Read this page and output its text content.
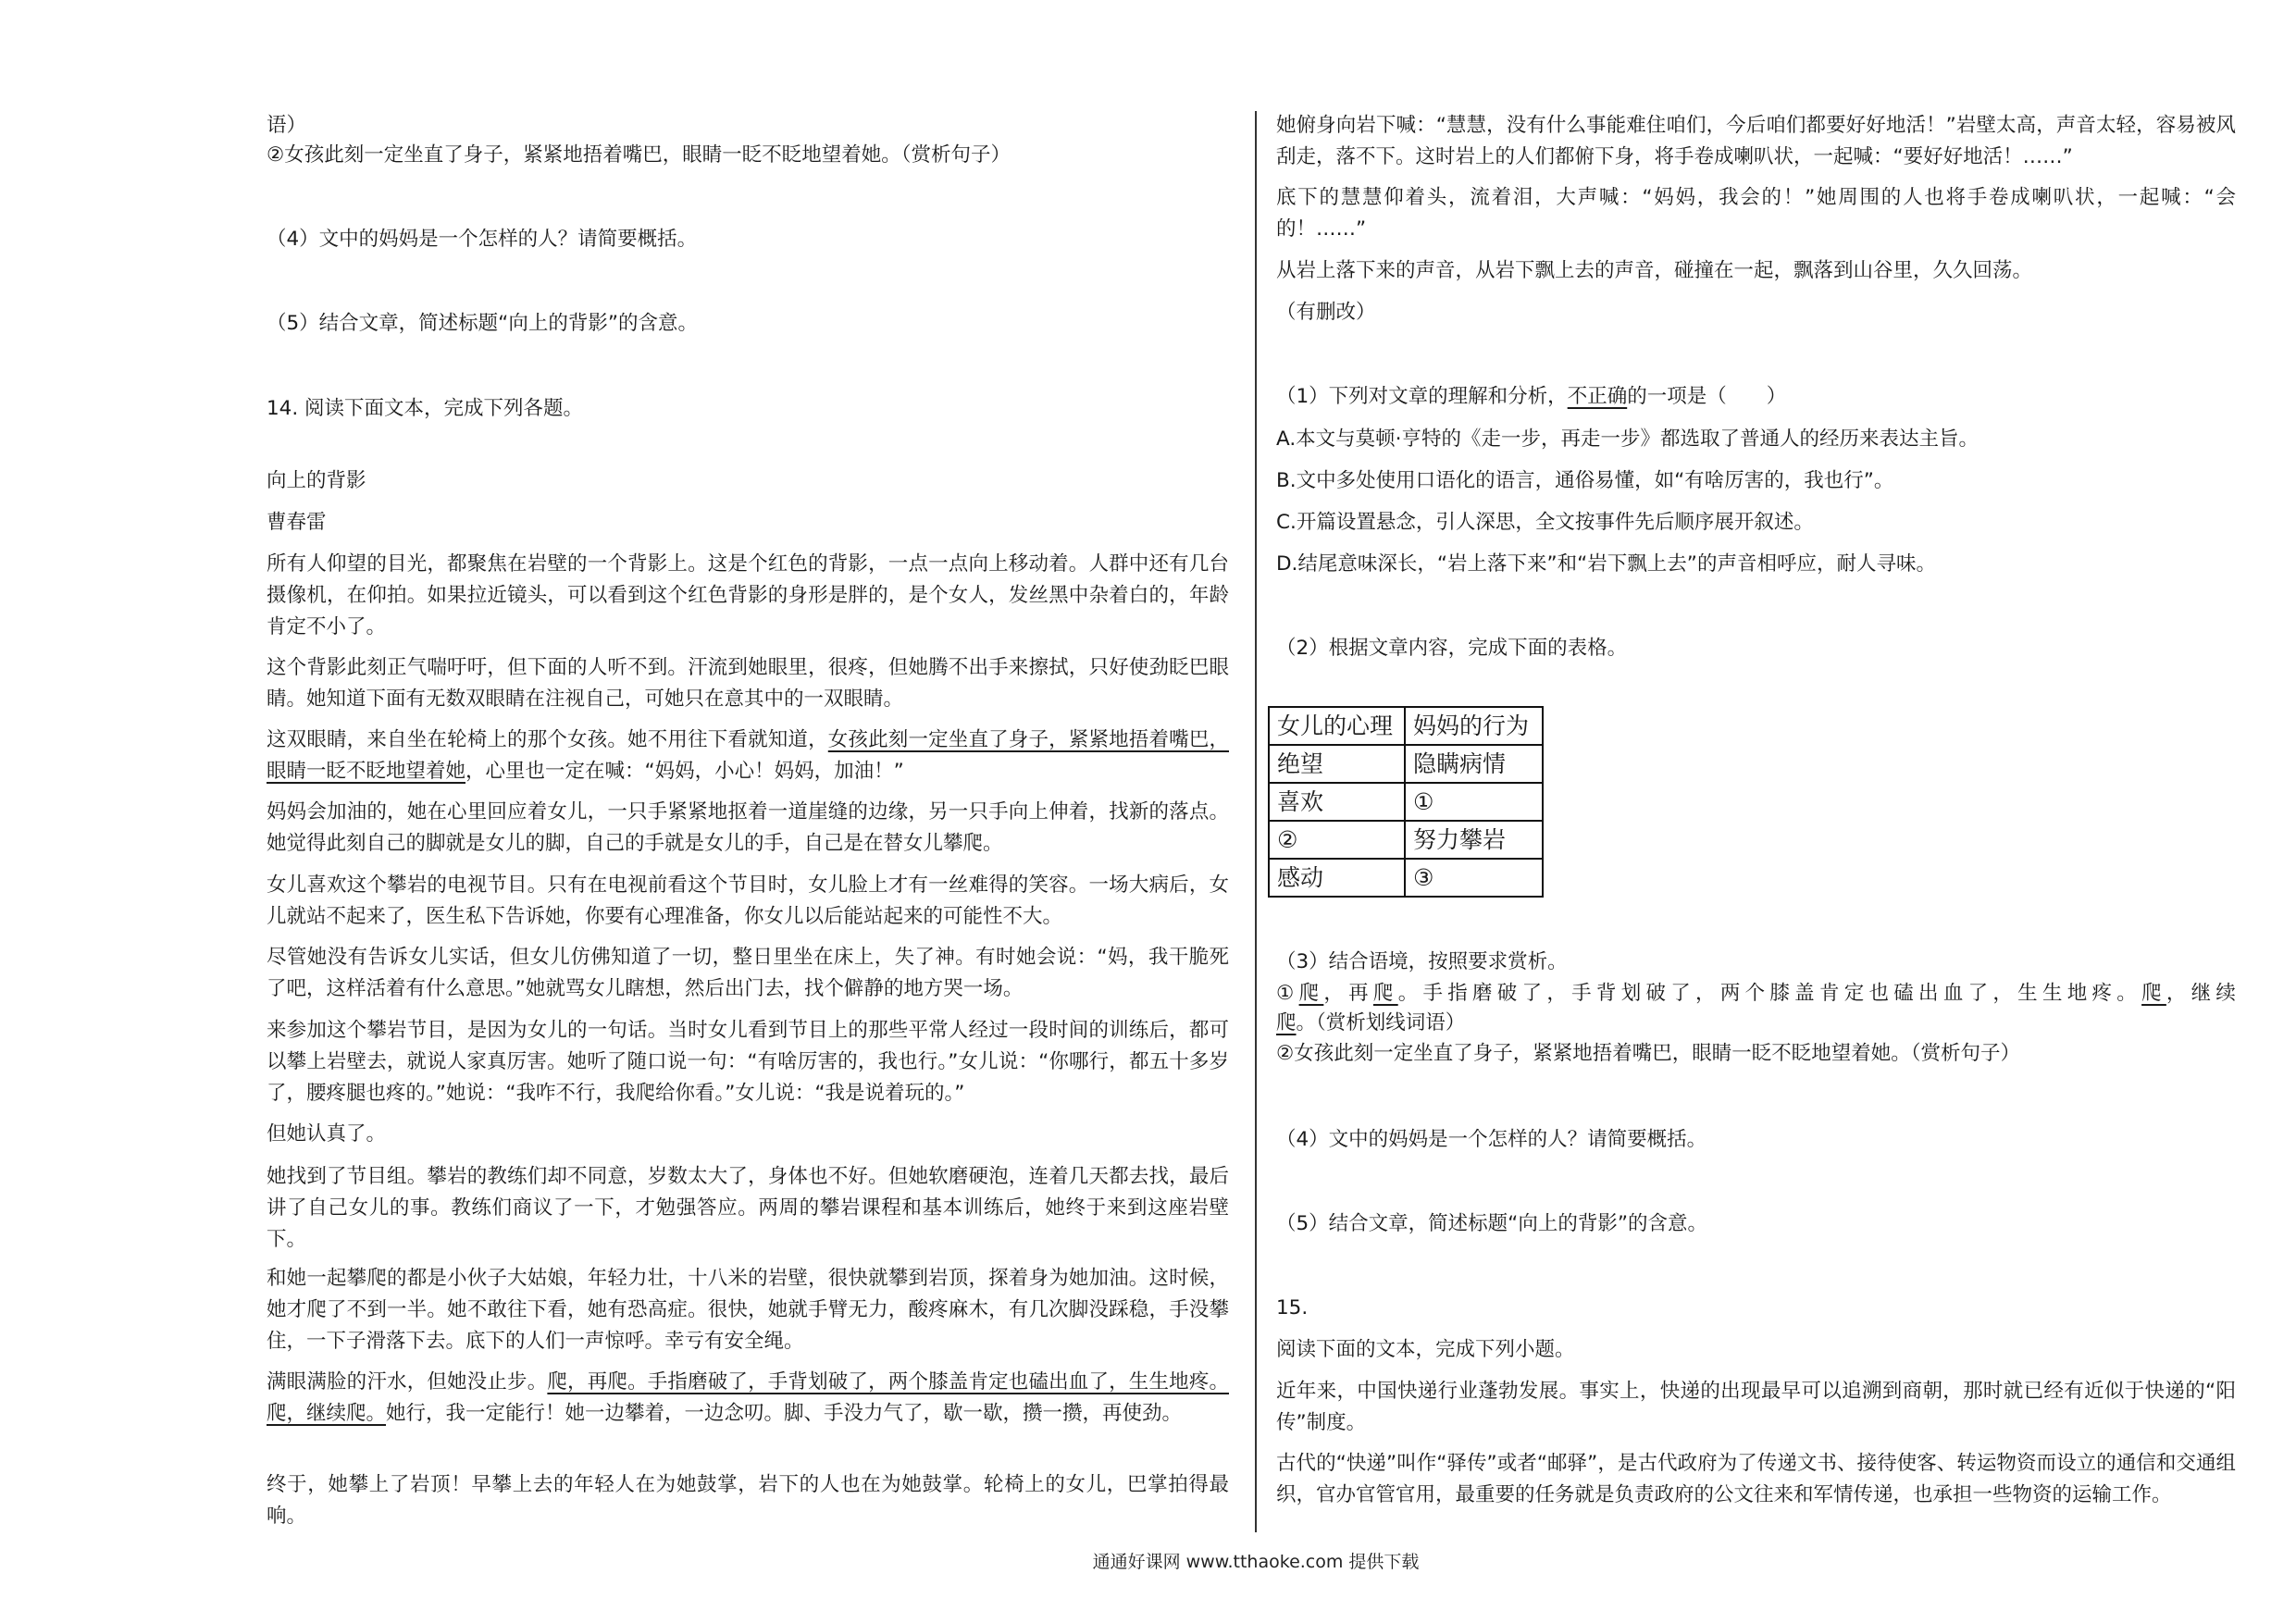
语）

②女孩此刻一定坐直了身子，紧紧地捂着嘴巴，眼睛一眨不眨地望着她。（赏析句子）

（4）文中的妈妈是一个怎样的人？请简要概括。

（5）结合文章，简述标题“向上的背影”的含意。

14. 阅读下面文本，完成下列各题。

向上的背影

曹春雷

所有人仰望的目光，都聚焦在岩壁的一个背影上。这是个红色的背影，一点一点向上移动着。人群中还有几台摄像机，在仰拍。如果拉近镜头，可以看到这个红色背影的身形是胖的，是个女人，发丝黑中杂着白的，年龄肯定不小了。

这个背影此刻正气喘吁吁，但下面的人听不到。汗流到她眼里，很疼，但她腾不出手来擦拭，只好使劲眨巴眼睛。她知道下面有无数双眼睛在注视自己，可她只在意其中的一双眼睛。

这双眼睛，来自坐在轮椅上的那个女孩。她不用往下看就知道，女孩此刻一定坐直了身子，紧紧地捂着嘴巴，眼睛一眨不眨地望着她，心里也一定在喊：“妈妈，小心！妈妈，加油！”

妈妈会加油的，她在心里回应着女儿，一只手紧紧地抠着一道崖缝的边缘，另一只手向上伸着，找新的落点。她觉得此刻自己的脚就是女儿的脚，自己的手就是女儿的手，自己是在替女儿攀爬。

女儿喜欢这个攀岩的电视节目。只有在电视前看这个节目时，女儿脸上才有一丝难得的笑容。一场大病后，女儿就站不起来了，医生私下告诉她，你要有心理准备，你女儿以后能站起来的可能性不大。

尽管她没有告诉女儿实话，但女儿仿佛知道了一切，整日里坐在床上，失了神。有时她会说：“妈，我干脆死了吧，这样活着有什么意思。”她就骂女儿瞎想，然后出门去，找个僻静的地方哭一场。

来参加这个攀岩节目，是因为女儿的一句话。当时女儿看到节目上的那些平常人经过一段时间的训练后，都可以攀上岩壁去，就说人家真厉害。她听了随口说一句：“有啥厉害的，我也行。”女儿说：“你哪行，都五十多岁了，腰疼腿也疼的。”她说：“我咋不行，我爬给你看。”女儿说：“我是说着玩的。”

但她认真了。

她找到了节目组。攀岩的教练们却不同意，岁数太大了，身体也不好。但她软磨硬泡，连着几天都去找，最后讲了自己女儿的事。教练们商议了一下，才勉强答应。两周的攀岩课程和基本训练后，她终于来到这座岩壁下。

和她一起攀爬的都是小伙子大姑娘，年轻力壮，十八米的岩壁，很快就攀到岩顶，探着身为她加油。这时候，她才爬了不到一半。她不敢往下看，她有恐高症。很快，她就手臂无力，酸疼麻木，有几次脚没踩稳，手没攀住，一下子滑落下去。底下的人们一声惊呼。幸亏有安全绳。

满眼满脸的汗水，但她没止步。爬，再爬。手指磨破了，手背划破了，两个膝盖肯定也磕出血了，生生地疼。爬，继续爬。她行，我一定能行！她一边攀着，一边念叨。脚、手没力气了，歇一歇，攒一攒，再使劲。

终于，她攀上了岩顶！早攀上去的年轻人在为她鼓掌，岩下的人也在为她鼓掌。轮椅上的女儿，巴掌拍得最响。

她俯身向岩下喊：“慧慧，没有什么事能难住咱们，今后咱们都要好好地活！”岩壁太高，声音太轻，容易被风刮走，落不下。这时岩上的人们都俯下身，将手卷成喇叭状，一起喊：“要好好地活！……”

底下的慧慧仰着头，流着泪，大声喊：“妈妈，我会的！”她周围的人也将手卷成喇叭状，一起喊：“会的！……”

从岩上落下来的声音，从岩下飘上去的声音，碰撞在一起，飘落到山谷里，久久回荡。

（有删改）

（1）下列对文章的理解和分析，不正确的一项是（　　）

A.本文与莫顿·亨特的《走一步，再走一步》都选取了普通人的经历来表达主旨。

B.文中多处使用口语化的语言，通俗易懂，如“有啥厉害的，我也行”。

C.开篇设置悬念，引人深思，全文按事件先后顺序展开叙述。

D.结尾意味深长，“岩上落下来”和“岩下飘上去”的声音相呼应，耐人寻味。

（2）根据文章内容，完成下面的表格。

女儿的心理	妈妈的行为
绝望	隐瞒病情
喜欢	①
②	努力攀岩
感动	③

（3）结合语境，按照要求赏析。

①爬，再爬。手指磨破了，手背划破了，两个膝盖肯定也磕出血了，生生地疼。爬，继续爬。（赏析划线词语）

②女孩此刻一定坐直了身子，紧紧地捂着嘴巴，眼睛一眨不眨地望着她。（赏析句子）

（4）文中的妈妈是一个怎样的人？请简要概括。

（5）结合文章，简述标题“向上的背影”的含意。

15.

阅读下面的文本，完成下列小题。

近年来，中国快递行业蓬勃发展。事实上，快递的出现最早可以追溯到商朝，那时就已经有近似于快递的“阳传”制度。

古代的“快递”叫作“驿传”或者“邮驿”，是古代政府为了传递文书、接待使客、转运物资而设立的通信和交通组织，官办官管官用，最重要的任务就是负责政府的公文往来和军情传递，也承担一些物资的运输工作。

通通好课网 www.tthaoke.com 提供下载
